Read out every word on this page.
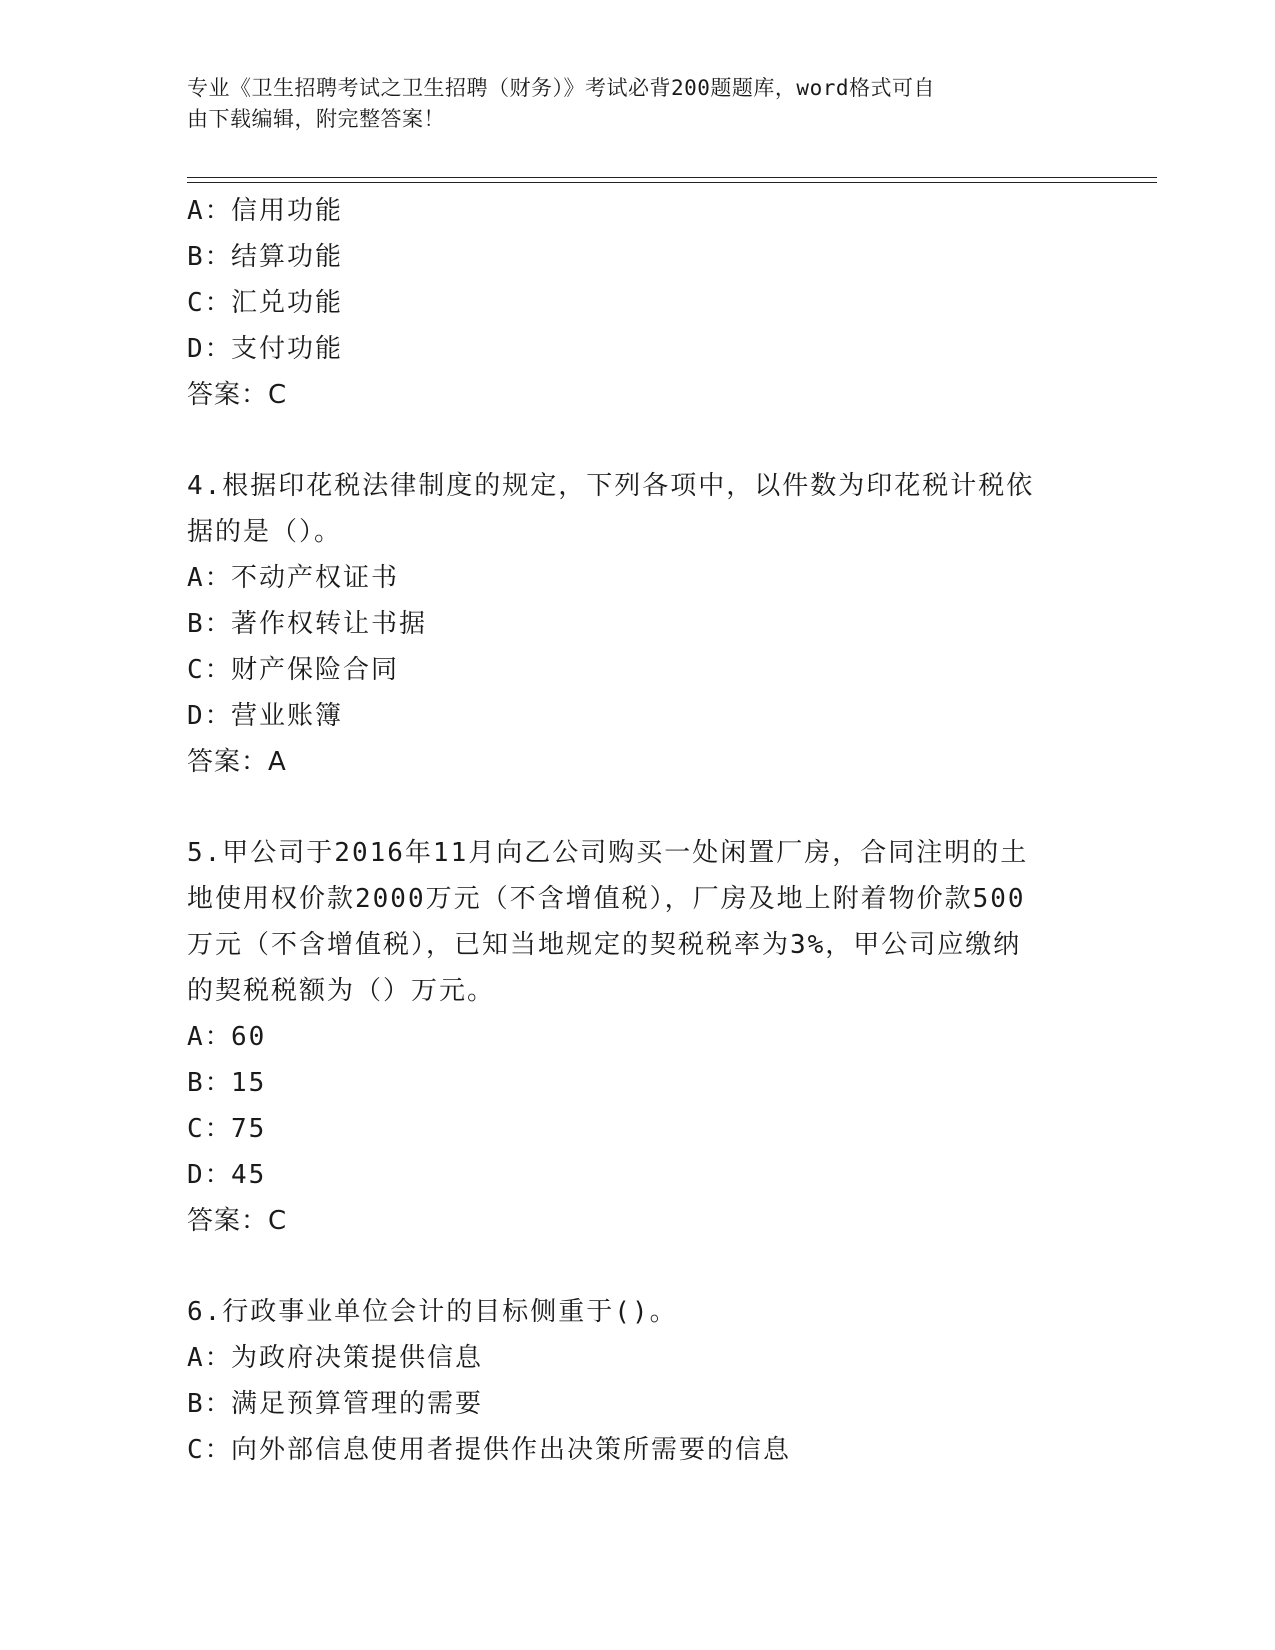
专业《卫生招聘考试之卫生招聘（财务）》考试必背200题题库，word格式可自
由下载编辑，附完整答案！
A：信用功能
B：结算功能
C：汇兑功能
D：支付功能
答案：C
4.根据印花税法律制度的规定，下列各项中，以件数为印花税计税依
据的是（）。
A：不动产权证书
B：著作权转让书据
C：财产保险合同
D：营业账簿
答案：A
5.甲公司于2016年11月向乙公司购买一处闲置厂房，合同注明的土
地使用权价款2000万元（不含增值税），厂房及地上附着物价款500
万元（不含增值税），已知当地规定的契税税率为3%，甲公司应缴纳
的契税税额为（）万元。
A：60
B：15
C：75
D：45
答案：C
6.行政事业单位会计的目标侧重于()。
A：为政府决策提供信息
B：满足预算管理的需要
C：向外部信息使用者提供作出决策所需要的信息
